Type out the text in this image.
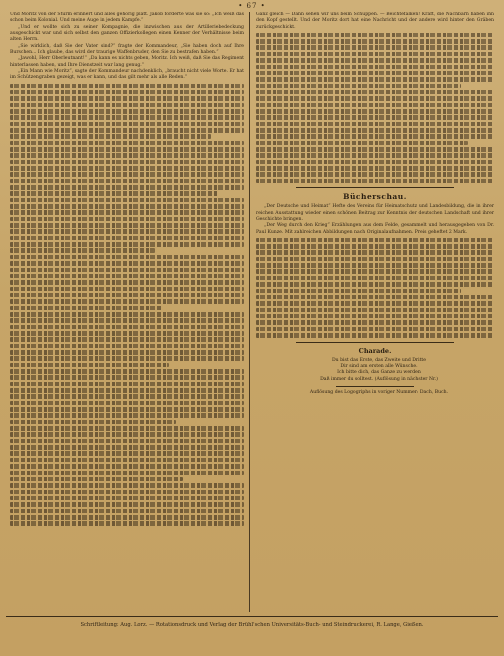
• 67 •

Und Moritz von der Sturm erinnert und alles gehörig platt. Jakob forderte was sie so: „Ich weiß das schon beim Kolonial. Und meine Auge in jedem Kampfe.“

„Und er wollte sich zu seiner Kompagnie, die inzwischen aus der Artilleriebedeckung ausgeschickt war und sich selbst den ganzen Offizierkollegen einen Kenner der Verhältnisse beim alten Herrn.

„Sie wirklich, daß Sie der Vater sind?“ fragte der Kommandeur, „Sie haben doch auf Ihre Burschen... Ich glaube, das wird der traurige Waffenbruder, den Sie zu bestrafen haben.“

„Jawohl, Herr Oberleutnant!“ „Da kann es nichts geben, Moritz. Ich weiß, daß Sie das Regiment hinterlassen haben, und Ihre Dienstzeit war lang genug.“

„Ein Mann wie Moritz“, sagte der Kommandeur nachdenklich, „braucht nicht viele Worte. Er hat im Schützengraben gezeigt, was er kann, und das gilt mehr als alle Reden.“

Ganz gleich — Dann sehen wir uns beim Schuppen. — Beichtefalken! Kraft, die Nachbarn haben ihn den Kopf gestellt. Und der Moritz dort hat eine Nachricht und der andere wird hinter den Gräben zurückgeschickt.

Bücherschau.

„Der Deutsche und Heimat” Hefte des Vereins für Heimatschutz und Landesbildung, die in ihrer reichen Ausstattung wieder einen schönen Beitrag zur Kenntnis der deutschen Landschaft und ihrer Geschichte bringen.

„Der Weg durch den Krieg” Erzählungen aus dem Felde, gesammelt und herausgegeben von Dr. Paul Kunze. Mit zahlreichen Abbildungen nach Originalaufnahmen. Preis geheftet 2 Mark.

Charade.

Du bist das Erste, das Zweite und Dritte

Dir sind am ersten alle Wünsche.

Ich bitte dich, das Ganze zu werden

Daß immer du solltest. (Auflösung in nächster Nr.)

Auflösung des Logogriphs in voriger Nummer: Dach, Buch.

Schriftleitung: Aug. Lorz. — Rotationsdruck und Verlag der Brühl'schen Universitäts-Buch- und Steindruckerei, R. Lange, Gießen.
